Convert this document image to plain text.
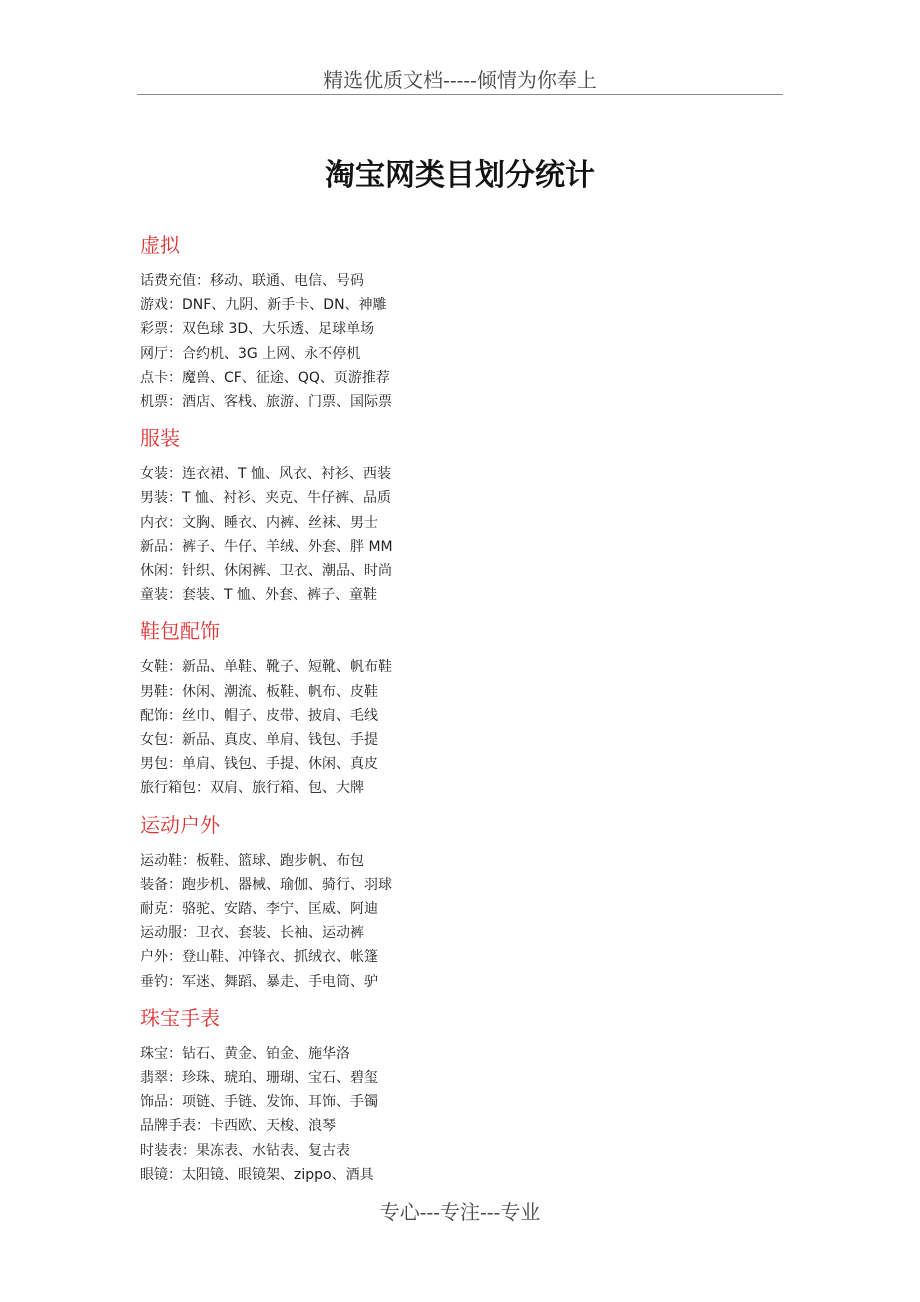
精选优质文档-----倾情为你奉上
淘宝网类目划分统计
虚拟
话费充值：移动、联通、电信、号码
游戏：DNF、九阴、新手卡、DN、神雕
彩票：双色球 3D、大乐透、足球单场
网厅：合约机、3G 上网、永不停机
点卡：魔兽、CF、征途、QQ、页游推荐
机票：酒店、客栈、旅游、门票、国际票
服装
女装：连衣裙、T 恤、风衣、衬衫、西装
男装：T 恤、衬衫、夹克、牛仔裤、品质
内衣：文胸、睡衣、内裤、丝袜、男士
新品：裤子、牛仔、羊绒、外套、胖 MM
休闲：针织、休闲裤、卫衣、潮品、时尚
童装：套装、T 恤、外套、裤子、童鞋
鞋包配饰
女鞋：新品、单鞋、靴子、短靴、帆布鞋
男鞋：休闲、潮流、板鞋、帆布、皮鞋
配饰：丝巾、帽子、皮带、披肩、毛线
女包：新品、真皮、单肩、钱包、手提
男包：单肩、钱包、手提、休闲、真皮
旅行箱包：双肩、旅行箱、包、大牌
运动户外
运动鞋：板鞋、篮球、跑步帆、布包
装备：跑步机、器械、瑜伽、骑行、羽球
耐克：骆驼、安踏、李宁、匡威、阿迪
运动服：卫衣、套装、长袖、运动裤
户外：登山鞋、冲锋衣、抓绒衣、帐篷
垂钓：军迷、舞蹈、暴走、手电筒、驴
珠宝手表
珠宝：钻石、黄金、铂金、施华洛
翡翠：珍珠、琥珀、珊瑚、宝石、碧玺
饰品：项链、手链、发饰、耳饰、手镯
品牌手表：卡西欧、天梭、浪琴
时装表：果冻表、水钻表、复古表
眼镜：太阳镜、眼镜架、zippo、酒具
专心---专注---专业
